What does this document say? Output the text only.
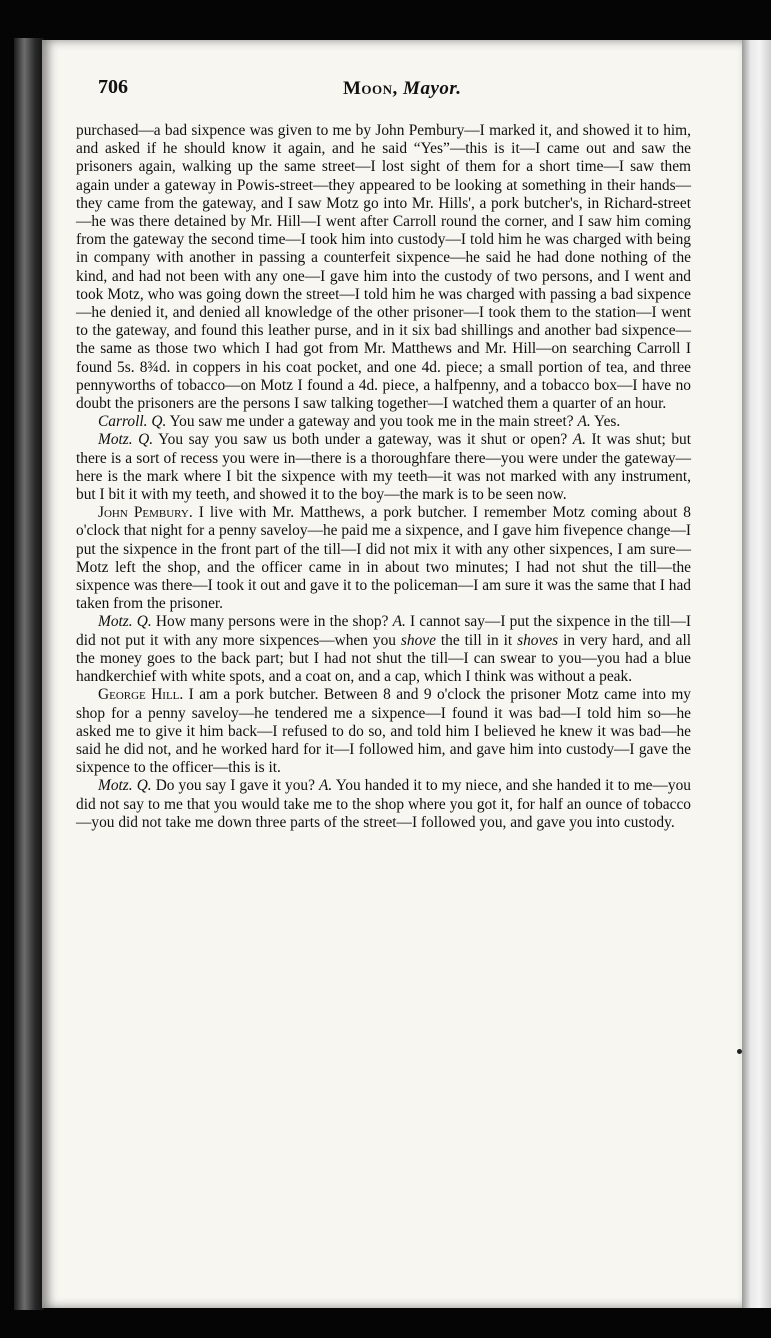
706	Moon, Mayor.

purchased—a bad sixpence was given to me by John Pembury—I marked it, and showed it to him, and asked if he should know it again, and he said “Yes”—this is it—I came out and saw the prisoners again, walking up the same street—I lost sight of them for a short time—I saw them again under a gateway in Powis-street—they appeared to be looking at something in their hands—they came from the gateway, and I saw Motz go into Mr. Hills', a pork butcher's, in Richard-street—he was there detained by Mr. Hill—I went after Carroll round the corner, and I saw him coming from the gateway the second time—I took him into custody—I told him he was charged with being in company with another in passing a counterfeit sixpence—he said he had done nothing of the kind, and had not been with any one—I gave him into the custody of two persons, and I went and took Motz, who was going down the street—I told him he was charged with passing a bad sixpence—he denied it, and denied all knowledge of the other prisoner—I took them to the station—I went to the gateway, and found this leather purse, and in it six bad shillings and another bad sixpence—the same as those two which I had got from Mr. Matthews and Mr. Hill—on searching Carroll I found 5s. 8¾d. in coppers in his coat pocket, and one 4d. piece; a small portion of tea, and three pennyworths of tobacco—on Motz I found a 4d. piece, a halfpenny, and a tobacco box—I have no doubt the prisoners are the persons I saw talking together—I watched them a quarter of an hour.

Carroll. Q. You saw me under a gateway and you took me in the main street? A. Yes.

Motz. Q. You say you saw us both under a gateway, was it shut or open? A. It was shut; but there is a sort of recess you were in—there is a thoroughfare there—you were under the gateway—here is the mark where I bit the sixpence with my teeth—it was not marked with any instrument, but I bit it with my teeth, and showed it to the boy—the mark is to be seen now.

John Pembury. I live with Mr. Matthews, a pork butcher. I remember Motz coming about 8 o'clock that night for a penny saveloy—he paid me a sixpence, and I gave him fivepence change—I put the sixpence in the front part of the till—I did not mix it with any other sixpences, I am sure—Motz left the shop, and the officer came in in about two minutes; I had not shut the till—the sixpence was there—I took it out and gave it to the policeman—I am sure it was the same that I had taken from the prisoner.

Motz. Q. How many persons were in the shop? A. I cannot say—I put the sixpence in the till—I did not put it with any more sixpences—when you shove the till in it shoves in very hard, and all the money goes to the back part; but I had not shut the till—I can swear to you—you had a blue handkerchief with white spots, and a coat on, and a cap, which I think was without a peak.

George Hill. I am a pork butcher. Between 8 and 9 o'clock the prisoner Motz came into my shop for a penny saveloy—he tendered me a sixpence—I found it was bad—I told him so—he asked me to give it him back—I refused to do so, and told him I believed he knew it was bad—he said he did not, and he worked hard for it—I followed him, and gave him into custody—I gave the sixpence to the officer—this is it.

Motz. Q. Do you say I gave it you? A. You handed it to my niece, and she handed it to me—you did not say to me that you would take me to the shop where you got it, for half an ounce of tobacco—you did not take me down three parts of the street—I followed you, and gave you into custody.
